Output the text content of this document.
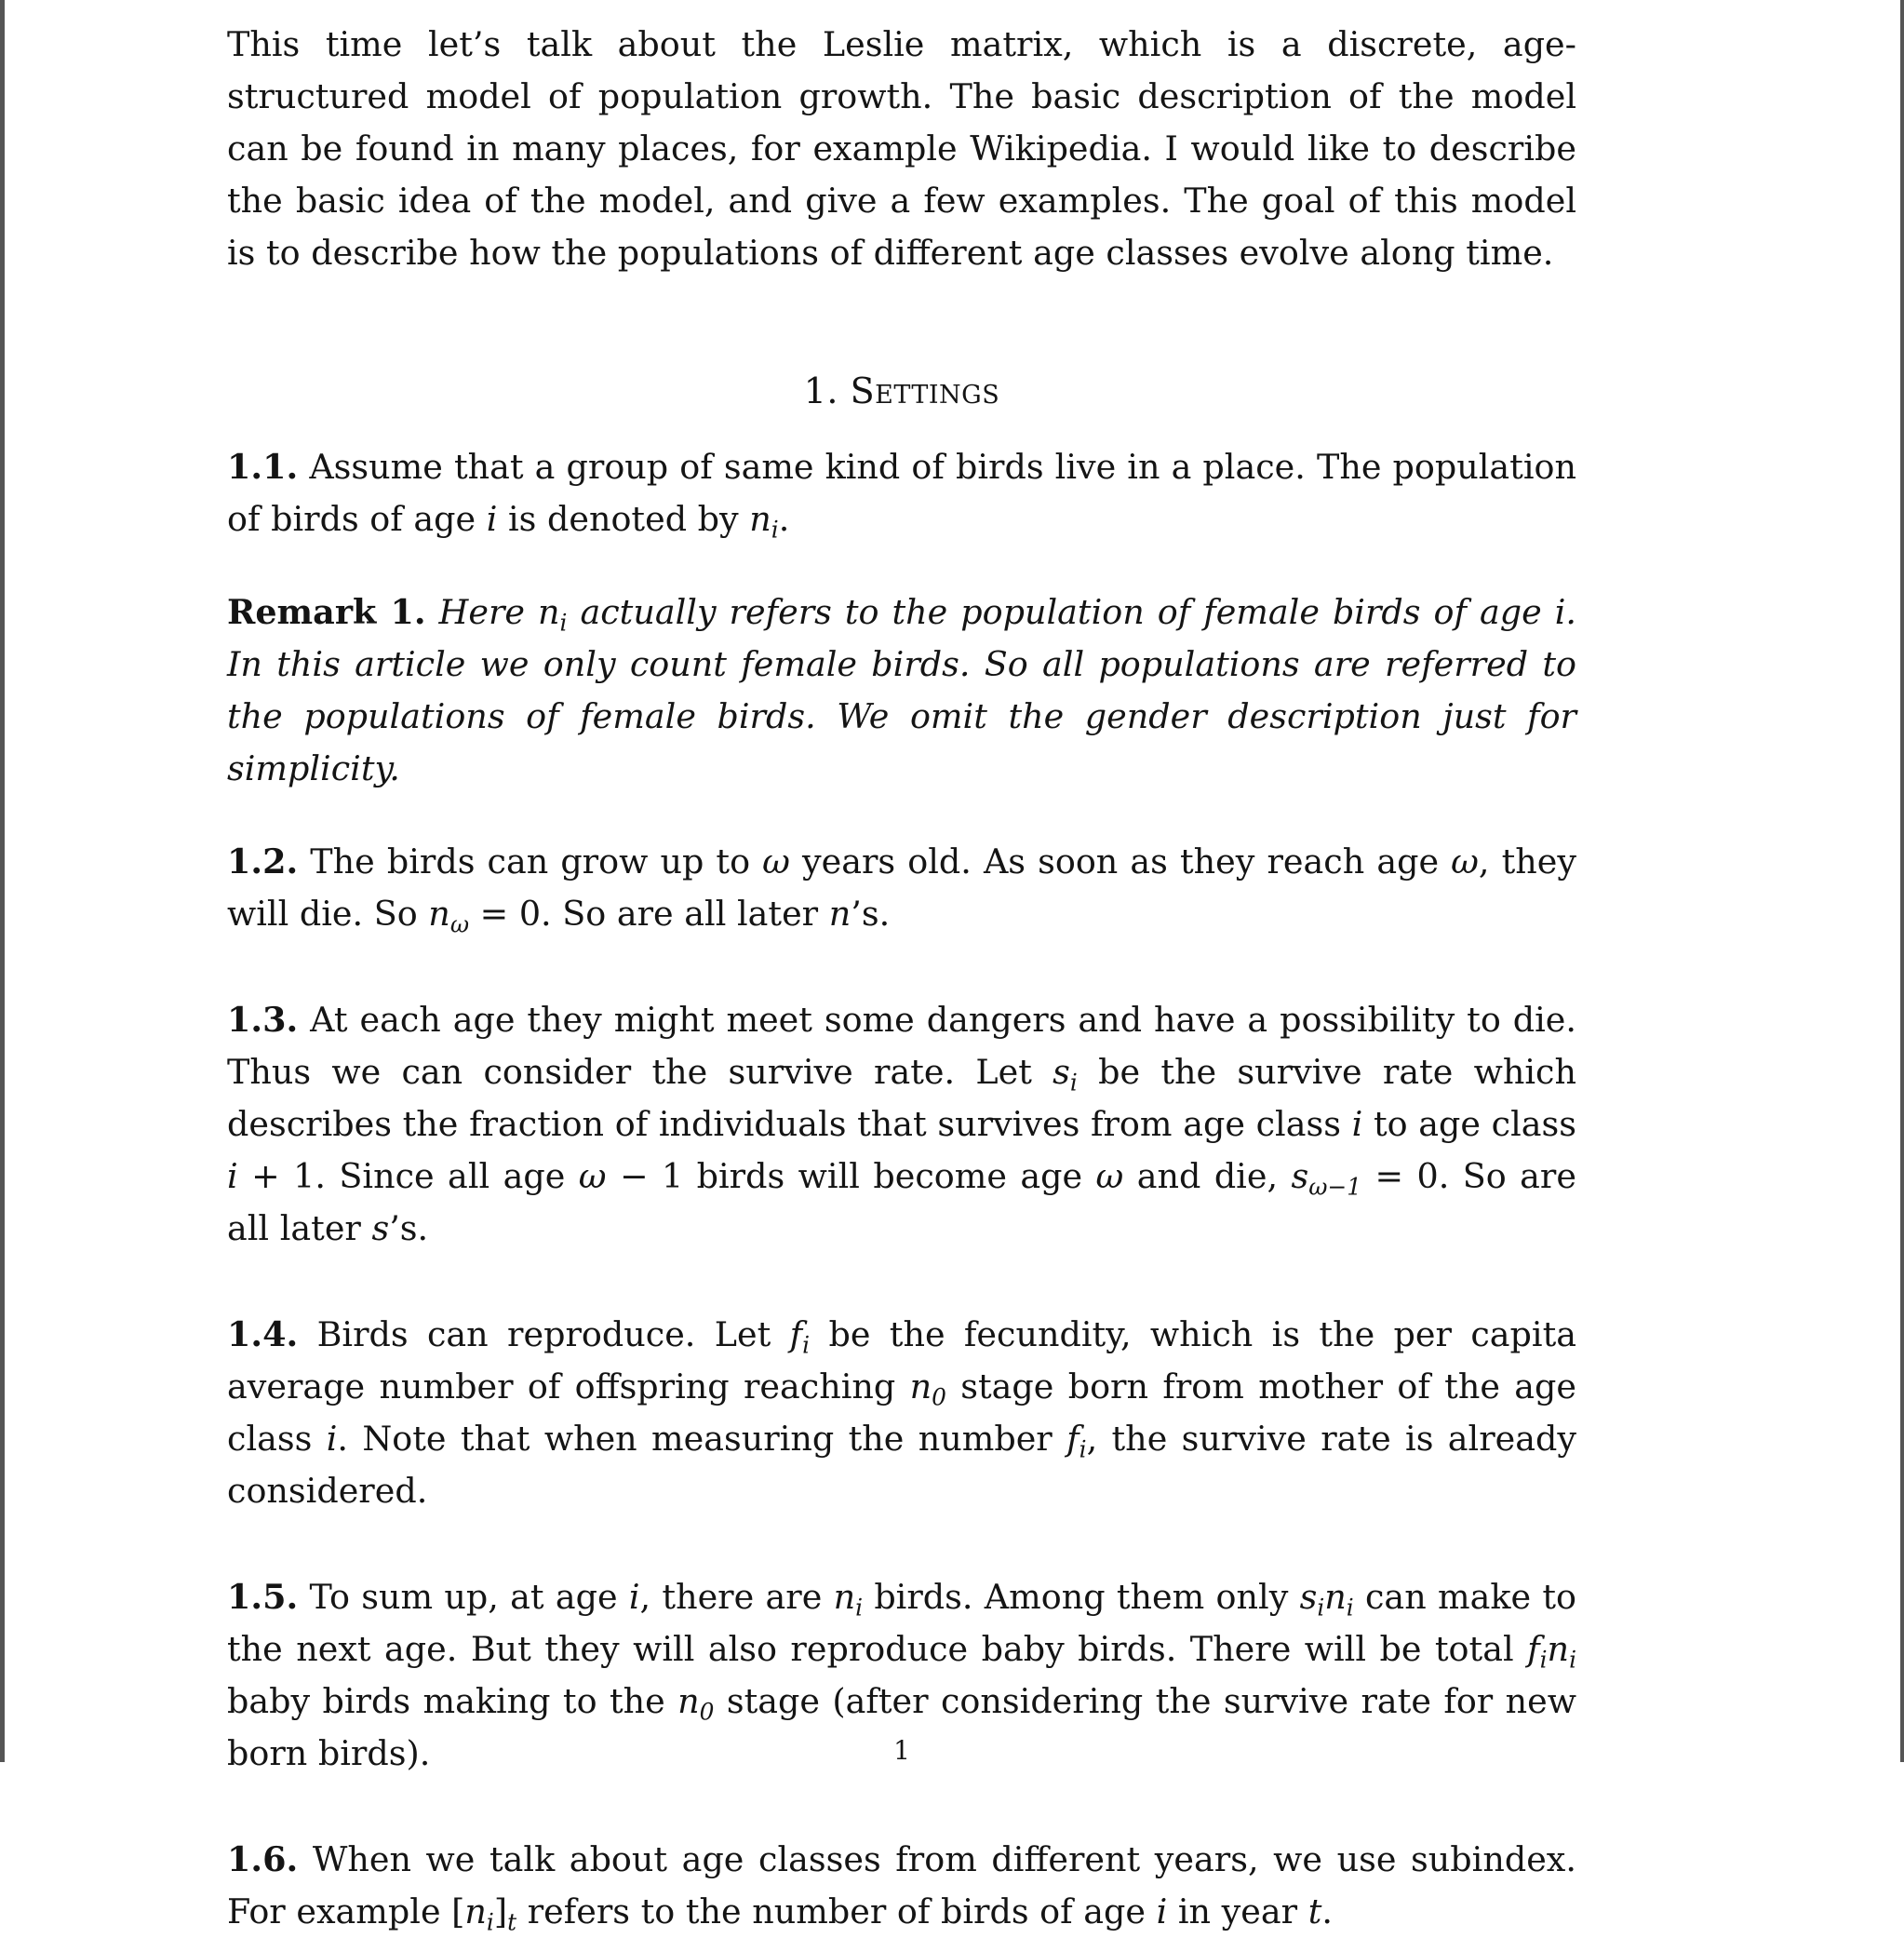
This time let’s talk about the Leslie matrix, which is a discrete, age-structured model of population growth. The basic description of the model can be found in many places, for example Wikipedia. I would like to describe the basic idea of the model, and give a few examples. The goal of this model is to describe how the populations of different age classes evolve along time.

1. Settings

1.1. Assume that a group of same kind of birds live in a place. The population of birds of age i is denoted by $n_i$.

Remark 1. Here $n_i$ actually refers to the population of female birds of age i. In this article we only count female birds. So all populations are referred to the populations of female birds. We omit the gender description just for simplicity.

1.2. The birds can grow up to ω years old. As soon as they reach age ω, they will die. So $n_\omega = 0$. So are all later n’s.

1.3. At each age they might meet some dangers and have a possibility to die. Thus we can consider the survive rate. Let $s_i$ be the survive rate which describes the fraction of individuals that survives from age class i to age class i + 1. Since all age ω − 1 birds will become age ω and die, $s_{\omega-1} = 0$. So are all later s’s.

1.4. Birds can reproduce. Let $f_i$ be the fecundity, which is the per capita average number of offspring reaching $n_0$ stage born from mother of the age class i. Note that when measuring the number $f_i$, the survive rate is already considered.

1.5. To sum up, at age i, there are $n_i$ birds. Among them only $s_in_i$ can make to the next age. But they will also reproduce baby birds. There will be total $f_in_i$ baby birds making to the $n_0$ stage (after considering the survive rate for new born birds).

1.6. When we talk about age classes from different years, we use subindex. For example $[n_i]_t$ refers to the number of birds of age i in year t.

1
